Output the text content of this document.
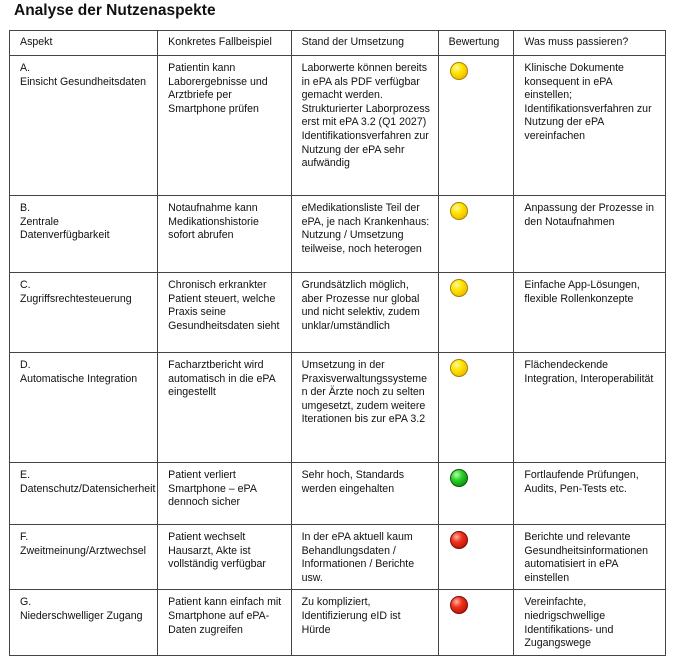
Analyse der Nutzenaspekte
Aspekt	Konkretes Fallbeispiel	Stand der Umsetzung	Bewertung	Was muss passieren?

A.
Einsicht Gesundheitsdaten	Patientin kann Laborergebnisse und Arztbriefe per Smartphone prüfen	Laborwerte können bereits in ePA als PDF verfügbar gemacht werden. Strukturierter Laborprozess erst mit ePA 3.2 (Q1 2027) Identifikationsverfahren zur Nutzung der ePA sehr aufwändig		Klinische Dokumente konsequent in ePA einstellen; Identifikationsverfahren zur Nutzung der ePA vereinfachen

B.
Zentrale Datenverfügbarkeit	Notaufnahme kann Medikationshistorie sofort abrufen	eMedikationsliste Teil der ePA, je nach Krankenhaus: Nutzung / Umsetzung teilweise, noch heterogen		Anpassung der Prozesse in den Notaufnahmen

C.
Zugriffsrechtesteuerung	Chronisch erkrankter Patient steuert, welche Praxis seine Gesundheitsdaten sieht	Grundsätzlich möglich, aber Prozesse nur global und nicht selektiv, zudem unklar/umständlich		Einfache App-Lösungen, flexible Rollenkonzepte

D.
Automatische Integration	Facharztbericht wird automatisch in die ePA eingestellt	Umsetzung in der Praxisverwaltungssysteme n der Ärzte noch zu selten umgesetzt, zudem weitere Iterationen bis zur ePA 3.2		Flächendeckende Integration, Interoperabilität

E.
Datenschutz/Datensicherheit	Patient verliert Smartphone – ePA dennoch sicher	Sehr hoch, Standards werden eingehalten		Fortlaufende Prüfungen, Audits, Pen-Tests etc.

F.
Zweitmeinung/Arztwechsel	Patient wechselt Hausarzt, Akte ist vollständig verfügbar	In der ePA aktuell kaum Behandlungsdaten / Informationen / Berichte usw.		Berichte und relevante Gesundheitsinformationen automatisiert in ePA einstellen

G.
Niederschwelliger Zugang	Patient kann einfach mit Smartphone auf ePA-Daten zugreifen	Zu kompliziert, Identifizierung eID ist Hürde		Vereinfachte, niedrigschwellige Identifikations- und Zugangswege
